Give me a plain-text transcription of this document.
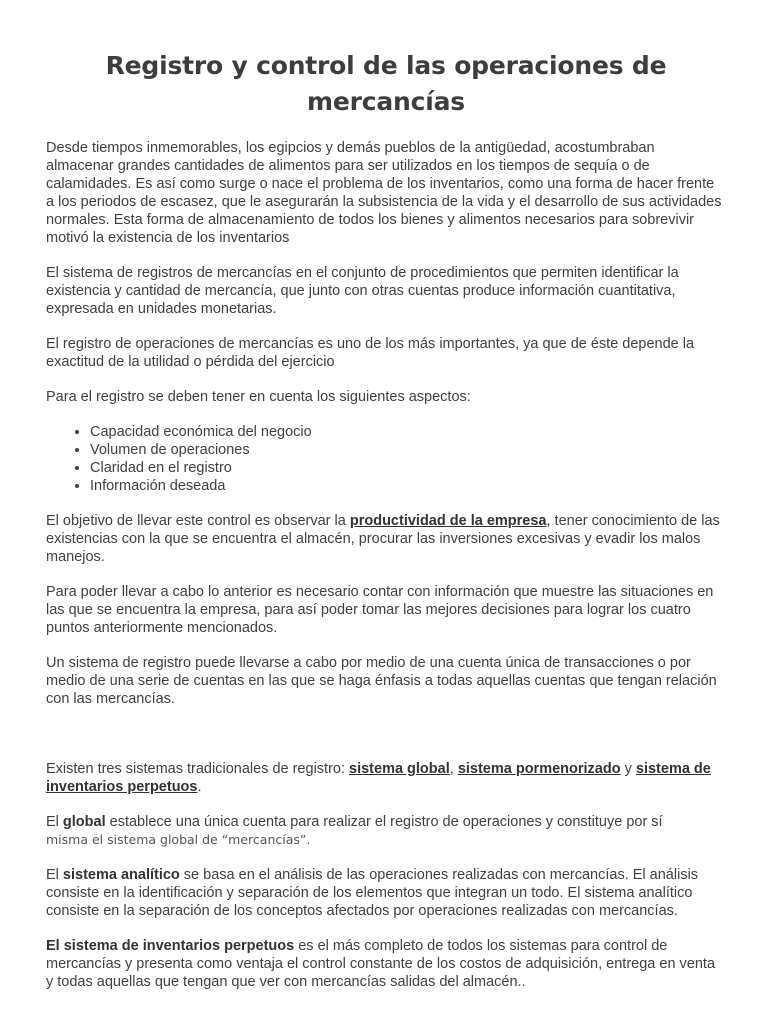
Registro y control de las operaciones de mercancías

Desde tiempos inmemorables, los egipcios y demás pueblos de la antigüedad, acostumbraban almacenar grandes cantidades de alimentos para ser utilizados en los tiempos de sequía o de calamidades. Es así como surge o nace el problema de los inventarios, como una forma de hacer frente a los periodos de escasez, que le asegurarán la subsistencia de la vida y el desarrollo de sus actividades normales. Esta forma de almacenamiento de todos los bienes y alimentos necesarios para sobrevivir motivó la existencia de los inventarios

El sistema de registros de mercancías en el conjunto de procedimientos que permiten identificar la existencia y cantidad de mercancía, que junto con otras cuentas produce información cuantitativa, expresada en unidades monetarias.

El registro de operaciones de mercancías es uno de los más importantes, ya que de éste depende la exactitud de la utilidad o pérdida del ejercicio

Para el registro se deben tener en cuenta los siguientes aspectos:

• Capacidad económica del negocio
• Volumen de operaciones
• Claridad en el registro
• Información deseada

El objetivo de llevar este control es observar la productividad de la empresa, tener conocimiento de las existencias con la que se encuentra el almacén, procurar las inversiones excesivas y evadir los malos manejos.

Para poder llevar a cabo lo anterior es necesario contar con información que muestre las situaciones en las que se encuentra la empresa, para así poder tomar las mejores decisiones para lograr los cuatro puntos anteriormente mencionados.

Un sistema de registro puede llevarse a cabo por medio de una cuenta única de transacciones o por medio de una serie de cuentas en las que se haga énfasis a todas aquellas cuentas que tengan relación con las mercancías.

Existen tres sistemas tradicionales de registro: sistema global, sistema pormenorizado y sistema de inventarios perpetuos.

El global establece una única cuenta para realizar el registro de operaciones y constituye por sí
misma el sistema global de “mercancías”.

El sistema analítico se basa en el análisis de las operaciones realizadas con mercancías. El análisis consiste en la identificación y separación de los elementos que integran un todo. El sistema analítico consiste en la separación de los conceptos afectados por operaciones realizadas con mercancías.

El sistema de inventarios perpetuos es el más completo de todos los sistemas para control de mercancías y presenta como ventaja el control constante de los costos de adquisición, entrega en venta y todas aquellas que tengan que ver con mercancías salidas del almacén..
